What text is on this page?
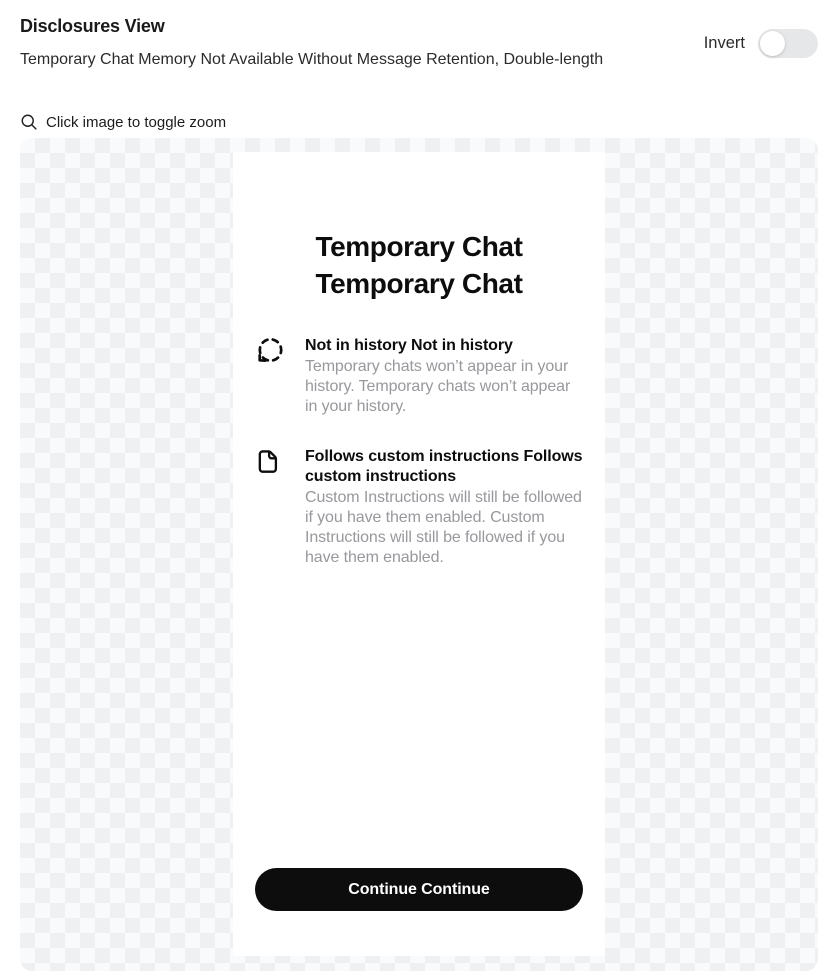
Disclosures View

Temporary Chat Memory Not Available Without Message Retention, Double-length

Invert
Click image to toggle zoom
Temporary Chat Temporary Chat
Not in history Not in history
Temporary chats won’t appear in your history. Temporary chats won’t appear in your history.
Follows custom instructions Follows custom instructions
Custom Instructions will still be followed if you have them enabled. Custom Instructions will still be followed if you have them enabled.
Continue Continue
